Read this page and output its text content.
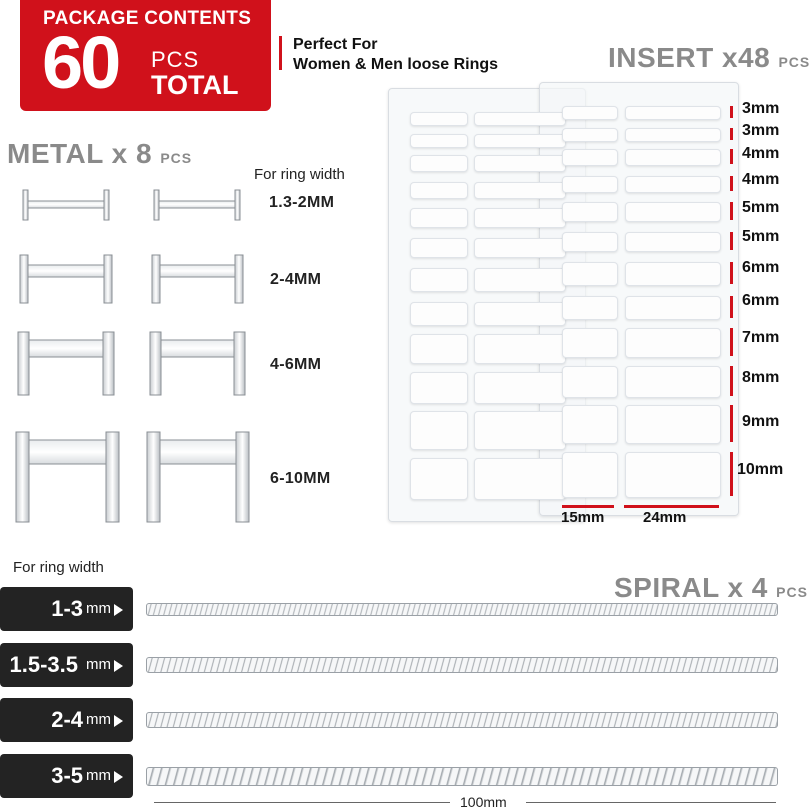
PACKAGE CONTENTS
60 PCS
TOTAL
Perfect For
Women & Men loose Rings
METAL x 8 PCS
For ring width
1.3-2MM
2-4MM
4-6MM
6-10MM
INSERT x48 PCS
3mm
3mm
4mm
4mm
5mm
5mm
6mm
6mm
7mm
8mm
9mm
10mm
15mm	24mm
For ring width
SPIRAL x 4 PCS
1-3 mm
1.5-3.5 mm
2-4 mm
3-5 mm
100mm
